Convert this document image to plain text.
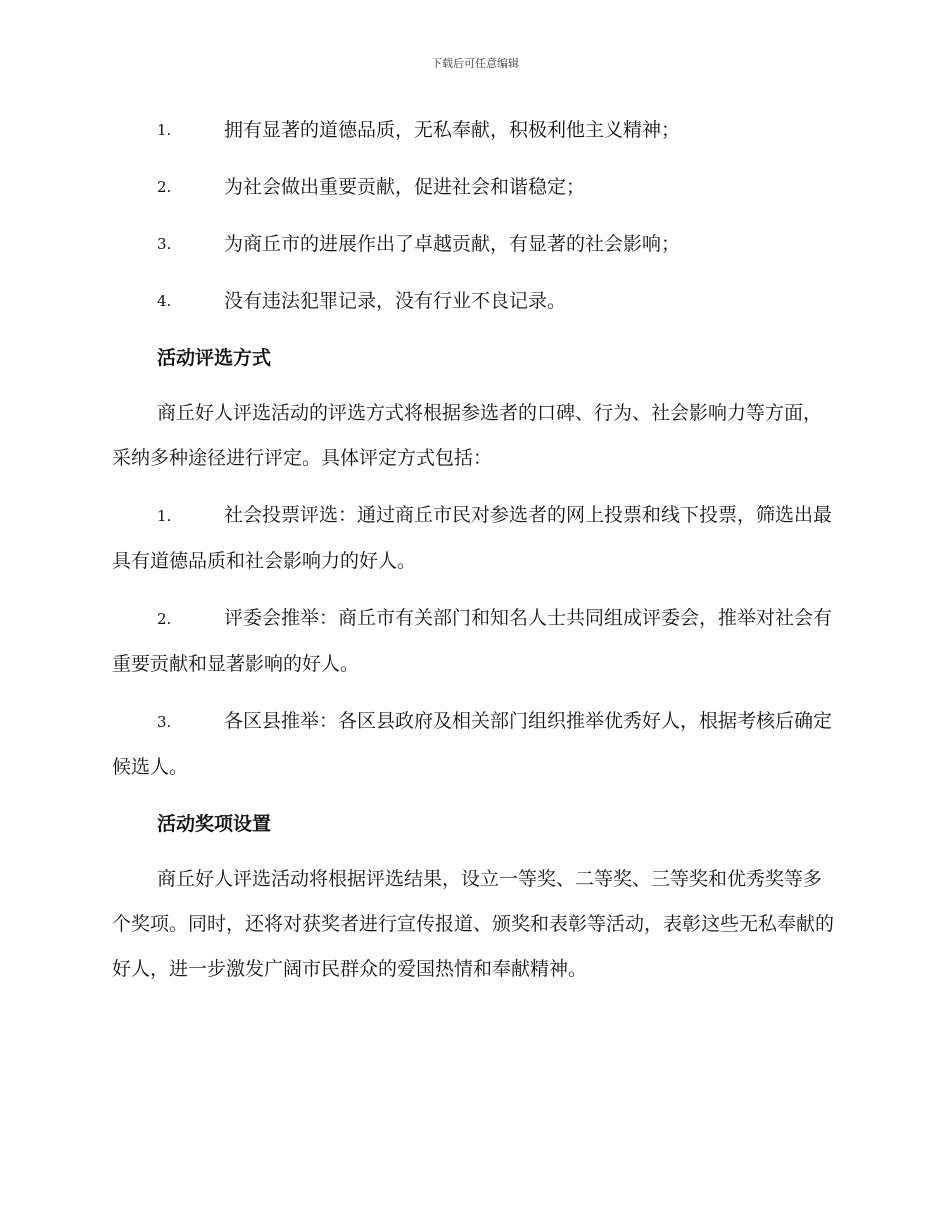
下载后可任意编辑
1.	拥有显著的道德品质，无私奉献，积极利他主义精神；
2.	为社会做出重要贡献，促进社会和谐稳定；
3.	为商丘市的进展作出了卓越贡献，有显著的社会影响；
4.	没有违法犯罪记录，没有行业不良记录。
活动评选方式
商丘好人评选活动的评选方式将根据参选者的口碑、行为、社会影响力等方面，采纳多种途径进行评定。具体评定方式包括：
1.	社会投票评选：通过商丘市民对参选者的网上投票和线下投票，筛选出最具有道德品质和社会影响力的好人。
2.	评委会推举：商丘市有关部门和知名人士共同组成评委会，推举对社会有重要贡献和显著影响的好人。
3.	各区县推举：各区县政府及相关部门组织推举优秀好人，根据考核后确定候选人。
活动奖项设置
商丘好人评选活动将根据评选结果，设立一等奖、二等奖、三等奖和优秀奖等多个奖项。同时，还将对获奖者进行宣传报道、颁奖和表彰等活动，表彰这些无私奉献的好人，进一步激发广阔市民群众的爱国热情和奉献精神。
